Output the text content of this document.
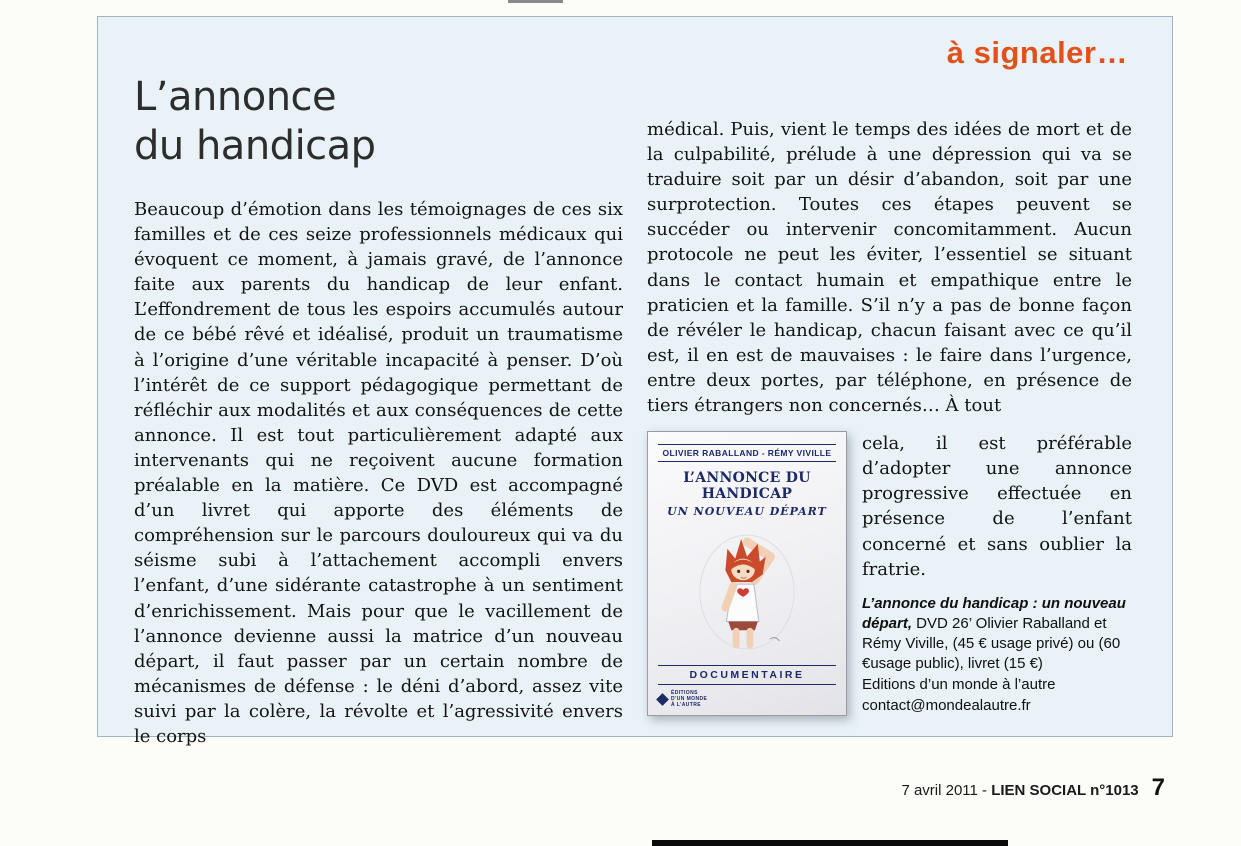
à signaler…
L’annonce
du handicap

Beaucoup d’émotion dans les témoignages de ces six familles et de ces seize professionnels médicaux qui évoquent ce moment, à jamais gravé, de l’annonce faite aux parents du handicap de leur enfant. L’effondrement de tous les espoirs accumulés autour de ce bébé rêvé et idéalisé, produit un traumatisme à l’origine d’une véritable incapacité à penser. D’où l’intérêt de ce support pédagogique permettant de réfléchir aux modalités et aux conséquences de cette annonce. Il est tout particulièrement adapté aux intervenants qui ne reçoivent aucune formation préalable en la matière. Ce DVD est accompagné d’un livret qui apporte des éléments de compréhension sur le parcours douloureux qui va du séisme subi à l’attachement accompli envers l’enfant, d’une sidérante catastrophe à un sentiment d’enrichissement. Mais pour que le vacillement de l’annonce devienne aussi la matrice d’un nouveau départ, il faut passer par un certain nombre de mécanismes de défense : le déni d’abord, assez vite suivi par la colère, la révolte et l’agressivité envers le corps

médical. Puis, vient le temps des idées de mort et de la culpabilité, prélude à une dépression qui va se traduire soit par un désir d’abandon, soit par une surprotection. Toutes ces étapes peuvent se succéder ou intervenir concomitamment. Aucun protocole ne peut les éviter, l’essentiel se situant dans le contact humain et empathique entre le praticien et la famille. S’il n’y a pas de bonne façon de révéler le handicap, chacun faisant avec ce qu’il est, il en est de mauvaises : le faire dans l’urgence, entre deux portes, par téléphone, en présence de tiers étrangers non concernés… À tout

OLIVIER RABALLAND - RÉMY VIVILLE
L’ANNONCE DU HANDICAP
UN NOUVEAU DÉPART
DOCUMENTAIRE
ÉDITIONS
D’UN MONDE
À L’AUTRE

cela, il est préférable d’adopter une annonce progressive effectuée en présence de l’enfant concerné et sans oublier la fratrie.

L’annonce du handicap : un nouveau départ, DVD 26’ Olivier Raballand et Rémy Viville, (45 € usage privé) ou (60 €usage public), livret (15 €)
Editions d’un monde à l’autre
contact@mondealautre.fr
7 avril 2011 - LIEN SOCIAL n°1013 7
